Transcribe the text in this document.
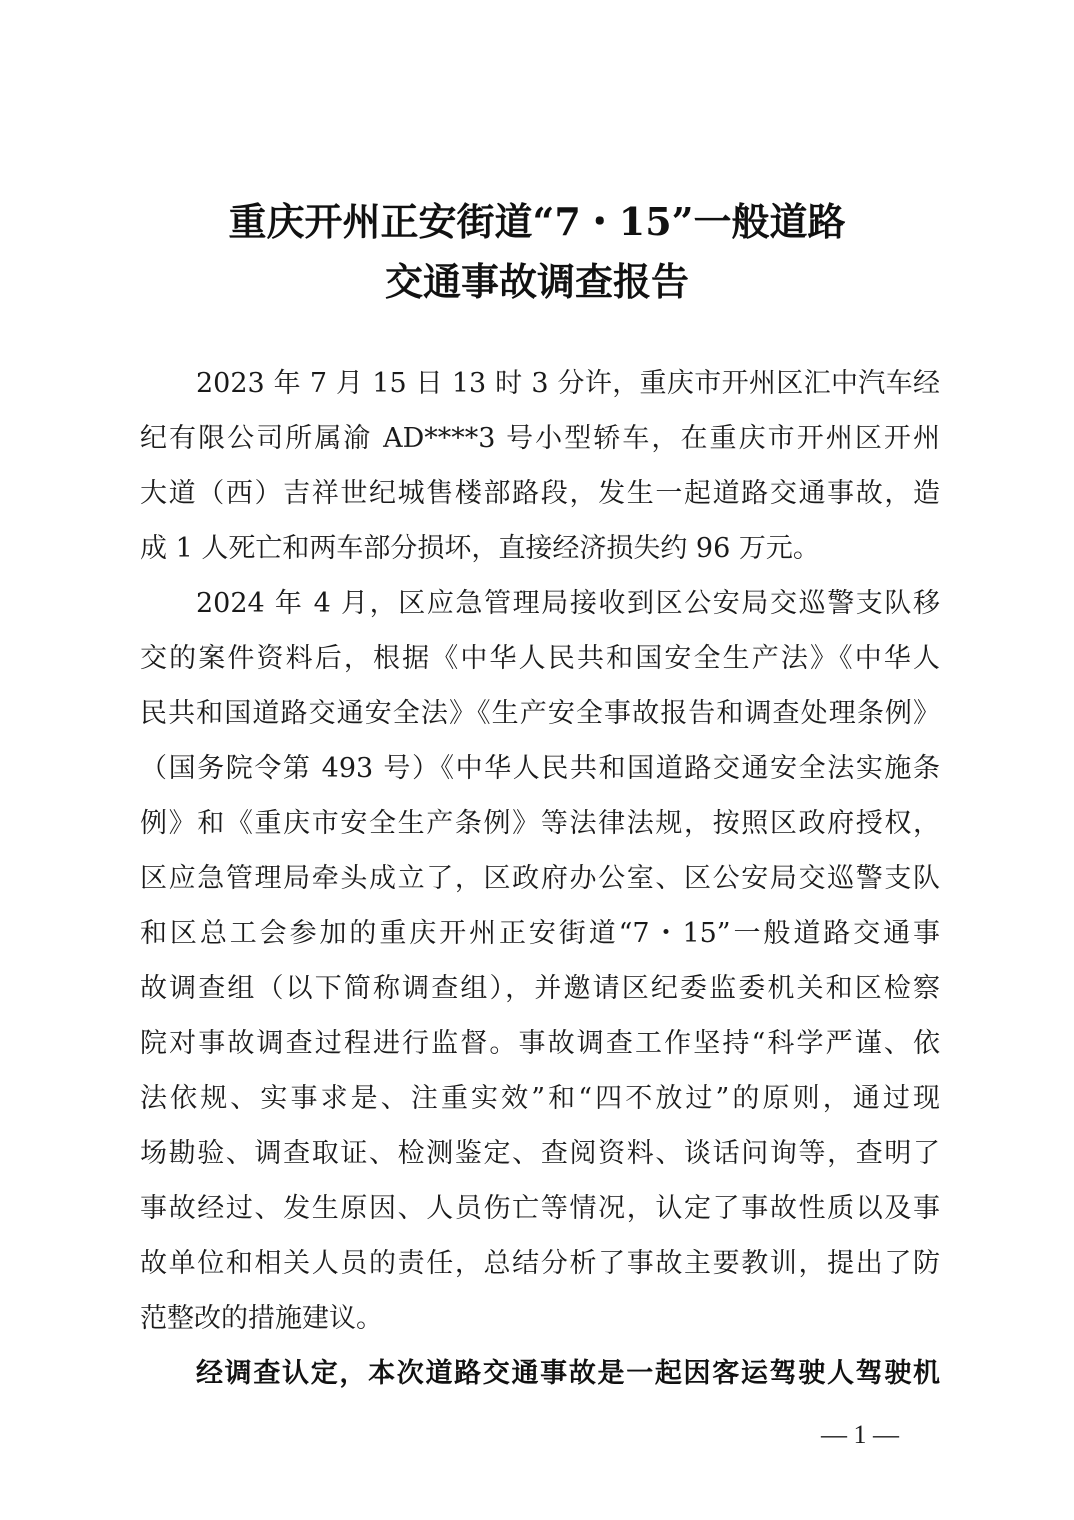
重庆开州正安街道“7・15”一般道路
交通事故调查报告
2023 年 7 月 15 日 13 时 3 分许，重庆市开州区汇中汽车经
纪有限公司所属渝 AD****3 号小型轿车，在重庆市开州区开州
大道（西）吉祥世纪城售楼部路段，发生一起道路交通事故，造
成 1 人死亡和两车部分损坏，直接经济损失约 96 万元。
2024 年 4 月，区应急管理局接收到区公安局交巡警支队移
交的案件资料后，根据《中华人民共和国安全生产法》《中华人
民共和国道路交通安全法》《生产安全事故报告和调查处理条例》
（国务院令第 493 号）《中华人民共和国道路交通安全法实施条
例》和《重庆市安全生产条例》等法律法规，按照区政府授权，
区应急管理局牵头成立了，区政府办公室、区公安局交巡警支队
和区总工会参加的重庆开州正安街道“7・15”一般道路交通事
故调查组（以下简称调查组），并邀请区纪委监委机关和区检察
院对事故调查过程进行监督。事故调查工作坚持“科学严谨、依
法依规、实事求是、注重实效”和“四不放过”的原则，通过现
场勘验、调查取证、检测鉴定、查阅资料、谈话问询等，查明了
事故经过、发生原因、人员伤亡等情况，认定了事故性质以及事
故单位和相关人员的责任，总结分析了事故主要教训，提出了防
范整改的措施建议。
经调查认定，本次道路交通事故是一起因客运驾驶人驾驶机
— 1 —
